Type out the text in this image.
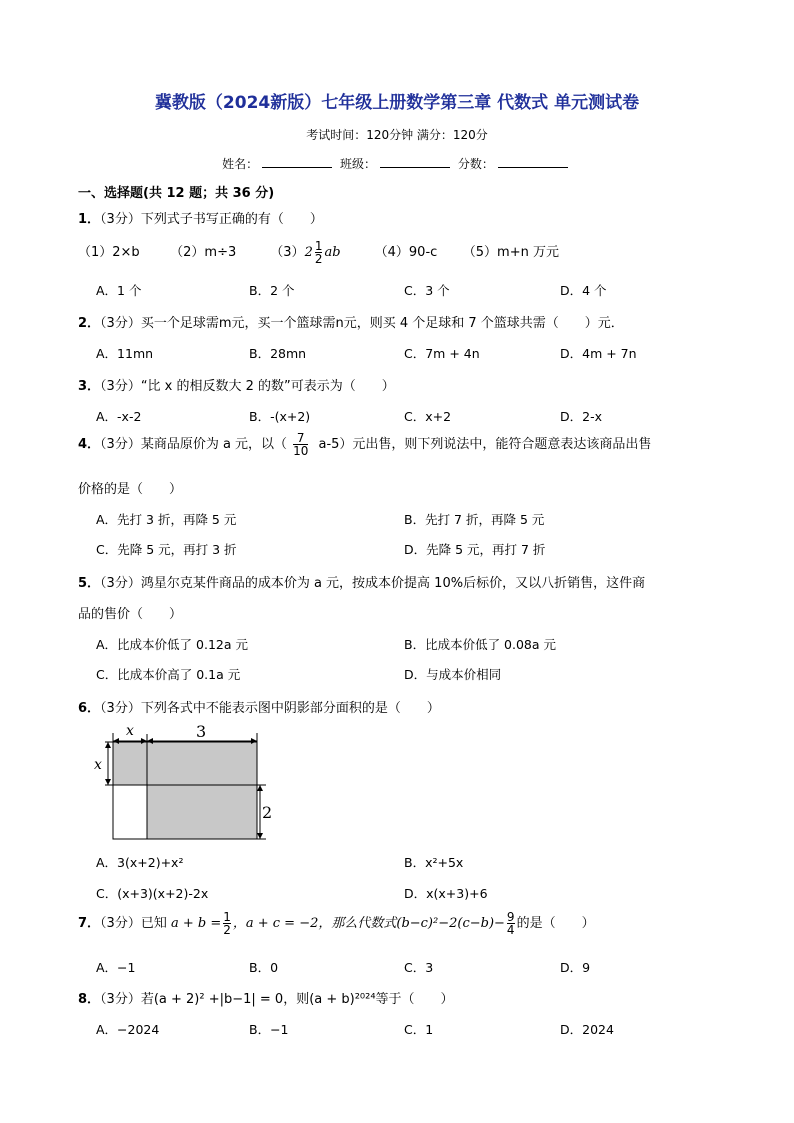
冀教版（2024新版）七年级上册数学第三章 代数式 单元测试卷
考试时间：120分钟 满分：120分
姓名：	班级：	分数：
一、选择题(共 12 题；共 36 分)
1．（3分）下列式子书写正确的有（　　）
（1）2×b （2）m÷3	$(3)2 \frac{1}{2}$ ab	（4）90-c （5）m+n 万元
A．1 个	B．2 个	C．3 个	D．4 个
2．（3分）买一个足球需m元，买一个篮球需n元，则买 4 个足球和 7 个篮球共需（　　）元．
A．11mn	B．28mn	C．7m + 4n	D．4m + 7n
3．（3分）“比 x 的相反数大 2 的数”可表示为（　　）
A．-x-2	B．-(x+2)	C．x+2	D．2-x
4．（3分）某商品原价为 a 元，以（ $\frac{7}{10} a-5$）元出售，则下列说法中，能符合题意表达该商品出售
价格的是（　　）
A．先打 3 折，再降 5 元	B．先打 7 折，再降 5 元
C．先降 5 元，再打 3 折	D．先降 5 元，再打 7 折
5．（3分）鸿星尔克某件商品的成本价为 a 元，按成本价提高 10%后标价，又以八折销售，这件商
品的售价（　　）
A．比成本价低了 0.12a 元	B．比成本价低了 0.08a 元
C．比成本价高了 0.1a 元	D．与成本价相同
6．（3分）下列各式中不能表示图中阴影部分面积的是（　　）
x	3
x
2
A．3(x+2)+x²	B．x²+5x
C．(x+3)(x+2)-2x	D．x(x+3)+6
7．（3分）已知 $a + b = \frac{1}{2}$ ，a + c = −2，那么代数式$(b-c)^2-2(c-b)- \frac{9}{4}$ 的是（　　）
A．−1	B．0	C．3	D．9
8．（3分）若(a + 2)² +|b−1| = 0，则(a + b)²⁰²⁴等于（　　）
A．−2024	B．−1	C．1	D．2024
